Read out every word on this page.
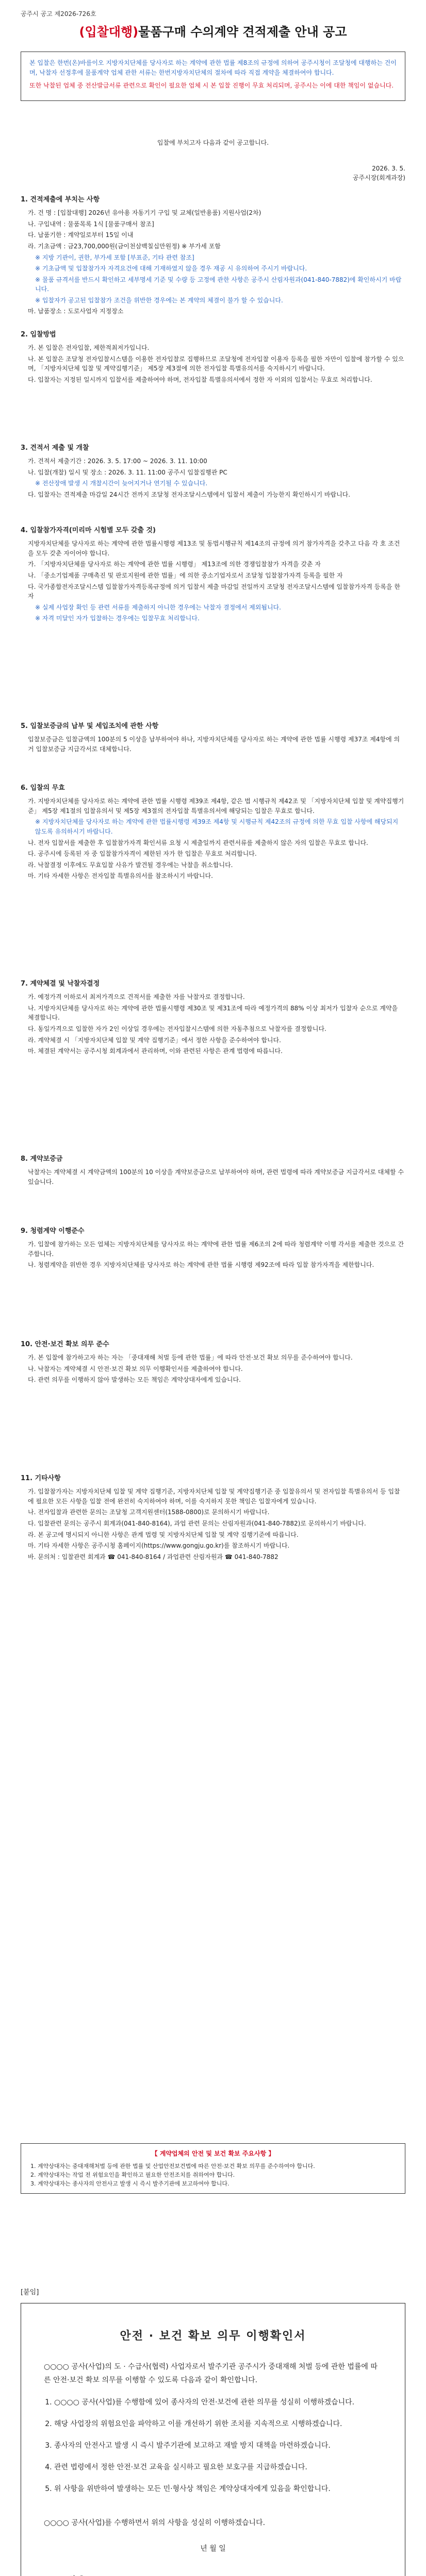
공주시 공고 제2026-726호
(입찰대행)물품구매 수의계약 견적제출 안내 공고

본 입찰은 한번(온)바를이오 지방자치단체를 당사자로 하는 계약에 관한 법률 제8조의 규정에 의하여 공주시청이 조달청에 대행하는 건이며, 낙찰자 선정후에 물품계약 업체 관한 서류는 한번지방자치단체의 절차에 따라 직접 계약을 체결하여야 합니다.

또한 낙찰된 업체 중 전산발급서류 관련으로 확인이 필요한 업체 시 본 입찰 진행이 무효 처리되며, 공주시는 이에 대한 책임이 없습니다.

입찰에 부치고자 다음과 같이 공고합니다.
2026. 3. 5.
공주시장(회계과장)
1. 견적제출에 부치는 사항

가. 건 명 : [입찰대행] 2026년 유아용 자동기기 구입 및 교체(일반용품) 지원사업(2차)

나. 구입내역 : 물품목록 1식 [물품구매서 참조]

다. 납품기한 : 계약일로부터 15일 이내

라. 기초금액 : 금23,700,000원(금이천삼백칠십만원정) ※ 부가세 포함

※ 지방 기관이, 권한, 부가세 포함 [부표준, 기타 관련 참조]

※ 기초금액 및 입찰참가자 자격요건에 대해 기재하였지 않을 경우 재공 시 유의하여 주시기 바랍니다.

※ 물품 규격서를 반드시 확인하고 세부명세 기준 및 수량 등 고정에 관한 사항은 공주시 산림자원과(041-840-7882)에 확인하시기 바랍니다.

※ 입찰자가 공고된 입찰참가 조건을 위반한 경우에는 본 계약의 체결이 불가 할 수 있습니다.

마. 납품장소 : 도로사업자 지정장소

2. 입찰방법

가. 본 입찰은 전자입찰, 제한적최저가입니다.

나. 본 입찰은 조달청 전자입찰시스템을 이용한 전자입찰로 집행하므로 조달청에 전자입찰 이용자 등록을 필한 자만이 입찰에 참가할 수 있으며, 「지방자치단체 입찰 및 계약집행기준」 제5장 제3절에 의한 전자입찰 특별유의서를 숙지하시기 바랍니다.

다. 입찰자는 지정된 일시까지 입찰서를 제출하여야 하며, 전자입찰 특별유의서에서 정한 자 이외의 입찰서는 무효로 처리합니다.

3. 견적서 제출 및 개찰

가. 견적서 제출기간 : 2026. 3. 5. 17:00 ~ 2026. 3. 11. 10:00

나. 입찰(개찰) 일시 및 장소 : 2026. 3. 11. 11:00 공주시 입찰집행관 PC

※ 전산장애 발생 시 개찰시간이 늦어지거나 연기될 수 있습니다.

다. 입찰자는 견적제출 마감일 24시간 전까지 조달청 전자조달시스템에서 입찰서 제출이 가능한지 확인하시기 바랍니다.

4. 입찰참가자격(미리마 시험별 모두 갖출 것)

지방자치단체를 당사자로 하는 계약에 관한 법률시행령 제13조 및 동법시행규칙 제14조의 규정에 의거 참가자격을 갖추고 다음 각 호 조건을 모두 갖춘 자이어야 합니다.

가. 「지방자치단체를 당사자로 하는 계약에 관한 법률 시행령」 제13조에 의한 경쟁입찰참가 자격을 갖춘 자

나. 「중소기업제품 구매촉진 및 판로지원에 관한 법률」에 의한 중소기업자로서 조달청 입찰참가자격 등록을 필한 자

다. 국가종합전자조달시스템 입찰참가자격등록규정에 의거 입찰서 제출 마감일 전일까지 조달청 전자조달시스템에 입찰참가자격 등록을 한 자

※ 실제 사업장 확인 등 관련 서류를 제출하지 아니한 경우에는 낙찰자 결정에서 제외됩니다.

※ 자격 미달인 자가 입찰하는 경우에는 입찰무효 처리합니다.

5. 입찰보증금의 납부 및 세입조치에 관한 사항

입찰보증금은 입찰금액의 100분의 5 이상을 납부하여야 하나, 지방자치단체를 당사자로 하는 계약에 관한 법률 시행령 제37조 제4항에 의거 입찰보증금 지급각서로 대체합니다.

6. 입찰의 무효

가. 지방자치단체를 당사자로 하는 계약에 관한 법률 시행령 제39조 제4항, 같은 법 시행규칙 제42조 및 「지방자치단체 입찰 및 계약집행기준」 제5장 제1절의 입찰유의서 및 제5장 제3절의 전자입찰 특별유의서에 해당되는 입찰은 무효로 합니다.

※ 지방자치단체를 당사자로 하는 계약에 관한 법률시행령 제39조 제4항 및 시행규칙 제42조의 규정에 의한 무효 입찰 사항에 해당되지 않도록 유의하시기 바랍니다.

나. 전자 입찰서를 제출한 후 입찰참가자격 확인서류 요청 시 제출일까지 관련서류를 제출하지 않은 자의 입찰은 무효로 합니다.

다. 공주시에 등록된 자 중 입찰참가자격이 제한된 자가 한 입찰은 무효로 처리합니다.

라. 낙찰결정 이후에도 무효입찰 사유가 발견될 경우에는 낙찰을 취소합니다.

마. 기타 자세한 사항은 전자입찰 특별유의서를 참조하시기 바랍니다.

7. 계약체결 및 낙찰자결정

가. 예정가격 이하로서 최저가격으로 견적서를 제출한 자를 낙찰자로 결정합니다.

나. 지방자치단체를 당사자로 하는 계약에 관한 법률시행령 제30조 및 제31조에 따라 예정가격의 88% 이상 최저가 입찰자 순으로 계약을 체결합니다.

다. 동일가격으로 입찰한 자가 2인 이상일 경우에는 전자입찰시스템에 의한 자동추첨으로 낙찰자를 결정합니다.

라. 계약체결 시 「지방자치단체 입찰 및 계약 집행기준」에서 정한 사항을 준수하여야 합니다.

마. 체결된 계약서는 공주시청 회계과에서 관리하며, 이와 관련된 사항은 관계 법령에 따릅니다.

8. 계약보증금

낙찰자는 계약체결 시 계약금액의 100분의 10 이상을 계약보증금으로 납부하여야 하며, 관련 법령에 따라 계약보증금 지급각서로 대체할 수 있습니다.

9. 청렴계약 이행준수

가. 입찰에 참가하는 모든 업체는 지방자치단체를 당사자로 하는 계약에 관한 법률 제6조의 2에 따라 청렴계약 이행 각서를 제출한 것으로 간주합니다.

나. 청렴계약을 위반한 경우 지방자치단체를 당사자로 하는 계약에 관한 법률 시행령 제92조에 따라 입찰 참가자격을 제한합니다.

10. 안전·보건 확보 의무 준수

가. 본 입찰에 참가하고자 하는 자는 「중대재해 처벌 등에 관한 법률」에 따라 안전·보건 확보 의무를 준수하여야 합니다.

나. 낙찰자는 계약체결 시 안전·보건 확보 의무 이행확인서를 제출하여야 합니다.

다. 관련 의무를 이행하지 않아 발생하는 모든 책임은 계약상대자에게 있습니다.

11. 기타사항

가. 입찰참가자는 지방자치단체 입찰 및 계약 집행기준, 지방자치단체 입찰 및 계약집행기준 중 입찰유의서 및 전자입찰 특별유의서 등 입찰에 필요한 모든 사항을 입찰 전에 완전히 숙지하여야 하며, 이를 숙지하지 못한 책임은 입찰자에게 있습니다.

나. 전자입찰과 관련한 문의는 조달청 고객지원센터(1588-0800)로 문의하시기 바랍니다.

다. 입찰관련 문의는 공주시 회계과(041-840-8164), 과업 관련 문의는 산림자원과(041-840-7882)로 문의하시기 바랍니다.

라. 본 공고에 명시되지 아니한 사항은 관계 법령 및 지방자치단체 입찰 및 계약 집행기준에 따릅니다.

마. 기타 자세한 사항은 공주시청 홈페이지(https://www.gongju.go.kr)를 참조하시기 바랍니다.

바. 문의처 : 입찰관련 회계과 ☎ 041-840-8164 / 과업관련 산림자원과 ☎ 041-840-7882

【 계약업체의 안전 및 보건 확보 주요사항 】
1. 계약상대자는 중대재해처벌 등에 관한 법률 및 산업안전보건법에 따른 안전·보건 확보 의무를 준수하여야 합니다.
2. 계약상대자는 작업 전 위험요인을 확인하고 필요한 안전조치를 취하여야 합니다.
3. 계약상대자는 종사자의 안전사고 발생 시 즉시 발주기관에 보고하여야 합니다.
[붙임]
안전 · 보건 확보 의무 이행확인서

○○○○ 공사(사업)의 도 · 수급사(협력) 사업자로서 발주기관 공주시가 중대재해 처벌 등에 관한 법률에 따른 안전·보건 확보 의무를 이행할 수 있도록 다음과 같이 확인합니다.

1. ○○○○ 공사(사업)를 수행함에 있어 종사자의 안전·보건에 관한 의무를 성실히 이행하겠습니다.
2. 해당 사업장의 위험요인을 파악하고 이를 개선하기 위한 조치를 지속적으로 시행하겠습니다.
3. 종사자의 안전사고 발생 시 즉시 발주기관에 보고하고 재발 방지 대책을 마련하겠습니다.
4. 관련 법령에서 정한 안전·보건 교육을 실시하고 필요한 보호구를 지급하겠습니다.
5. 위 사항을 위반하여 발생하는 모든 민·형사상 책임은 계약상대자에게 있음을 확인합니다.

○○○○ 공사(사업)를 수행하면서 위의 사항을 성실히 이행하겠습니다.

년 월 일
